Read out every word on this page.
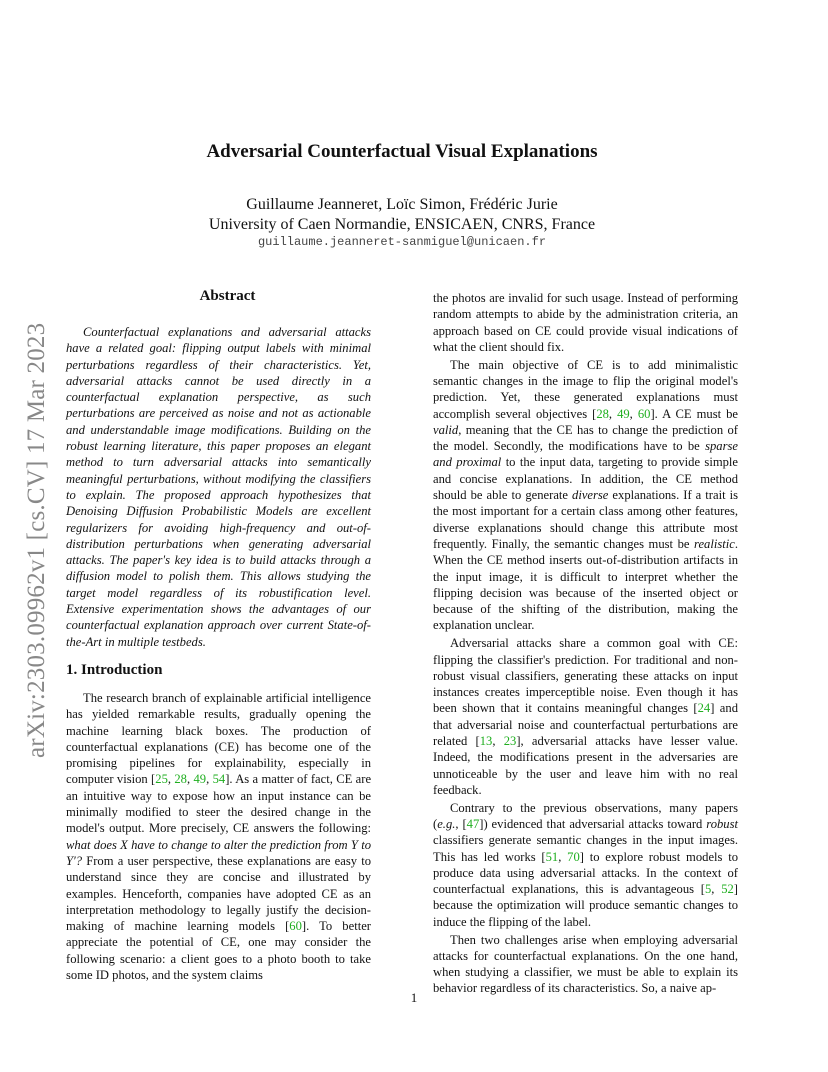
arXiv:2303.09962v1 [cs.CV] 17 Mar 2023
Adversarial Counterfactual Visual Explanations
Guillaume Jeanneret, Loïc Simon, Frédéric Jurie
University of Caen Normandie, ENSICAEN, CNRS, France
guillaume.jeanneret-sanmiguel@unicaen.fr
Abstract

Counterfactual explanations and adversarial attacks have a related goal: flipping output labels with minimal perturbations regardless of their characteristics. Yet, adversarial attacks cannot be used directly in a counterfactual explanation perspective, as such perturbations are perceived as noise and not as actionable and understandable image modifications. Building on the robust learning literature, this paper proposes an elegant method to turn adversarial attacks into semantically meaningful perturbations, without modifying the classifiers to explain. The proposed approach hypothesizes that Denoising Diffusion Probabilistic Models are excellent regularizers for avoiding high-frequency and out-of-distribution perturbations when generating adversarial attacks. The paper's key idea is to build attacks through a diffusion model to polish them. This allows studying the target model regardless of its robustification level. Extensive experimentation shows the advantages of our counterfactual explanation approach over current State-of-the-Art in multiple testbeds.

1. Introduction

The research branch of explainable artificial intelligence has yielded remarkable results, gradually opening the machine learning black boxes. The production of counterfactual explanations (CE) has become one of the promising pipelines for explainability, especially in computer vision [25, 28, 49, 54]. As a matter of fact, CE are an intuitive way to expose how an input instance can be minimally modified to steer the desired change in the model's output. More precisely, CE answers the following: what does X have to change to alter the prediction from Y to Y′? From a user perspective, these explanations are easy to understand since they are concise and illustrated by examples. Henceforth, companies have adopted CE as an interpretation methodology to legally justify the decision-making of machine learning models [60]. To better appreciate the potential of CE, one may consider the following scenario: a client goes to a photo booth to take some ID photos, and the system claims

the photos are invalid for such usage. Instead of performing random attempts to abide by the administration criteria, an approach based on CE could provide visual indications of what the client should fix.

The main objective of CE is to add minimalistic semantic changes in the image to flip the original model's prediction. Yet, these generated explanations must accomplish several objectives [28, 49, 60]. A CE must be valid, meaning that the CE has to change the prediction of the model. Secondly, the modifications have to be sparse and proximal to the input data, targeting to provide simple and concise explanations. In addition, the CE method should be able to generate diverse explanations. If a trait is the most important for a certain class among other features, diverse explanations should change this attribute most frequently. Finally, the semantic changes must be realistic. When the CE method inserts out-of-distribution artifacts in the input image, it is difficult to interpret whether the flipping decision was because of the inserted object or because of the shifting of the distribution, making the explanation unclear.

Adversarial attacks share a common goal with CE: flipping the classifier's prediction. For traditional and non-robust visual classifiers, generating these attacks on input instances creates imperceptible noise. Even though it has been shown that it contains meaningful changes [24] and that adversarial noise and counterfactual perturbations are related [13, 23], adversarial attacks have lesser value. Indeed, the modifications present in the adversaries are unnoticeable by the user and leave him with no real feedback.

Contrary to the previous observations, many papers (e.g., [47]) evidenced that adversarial attacks toward robust classifiers generate semantic changes in the input images. This has led works [51, 70] to explore robust models to produce data using adversarial attacks. In the context of counterfactual explanations, this is advantageous [5, 52] because the optimization will produce semantic changes to induce the flipping of the label.

Then two challenges arise when employing adversarial attacks for counterfactual explanations. On the one hand, when studying a classifier, we must be able to explain its behavior regardless of its characteristics. So, a naive ap-

1
